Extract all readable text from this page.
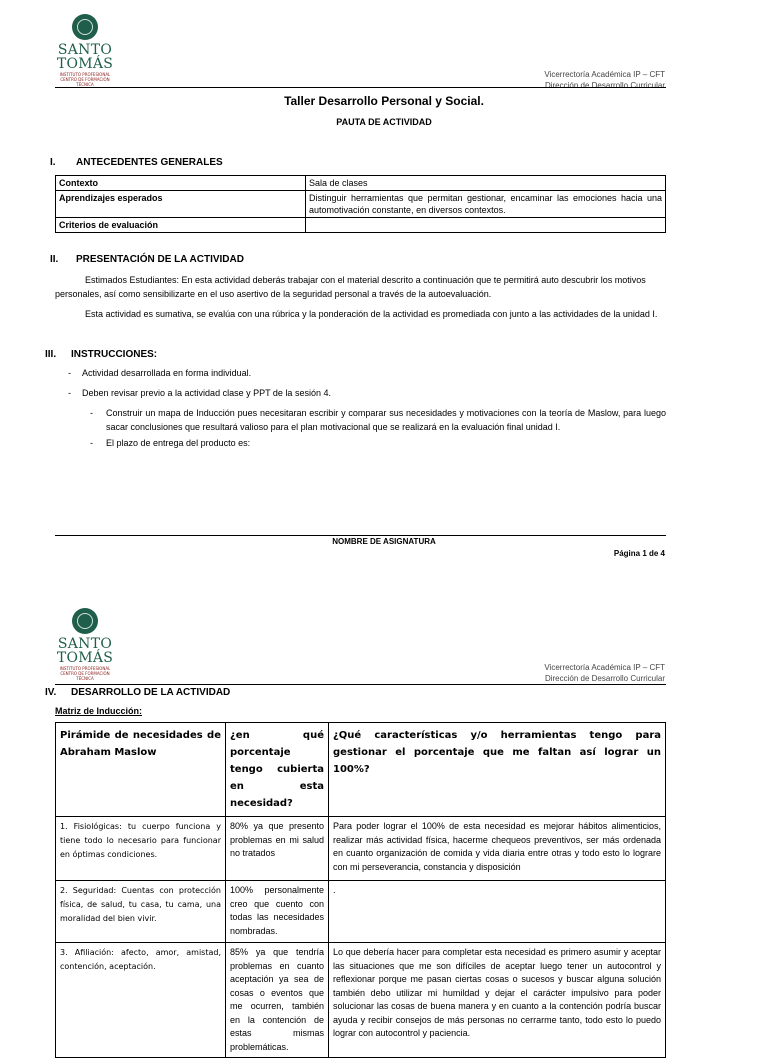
SANTO
TOMÁS
INSTITUTO PROFESIONAL
CENTRO DE FORMACIÓN TÉCNICA
Vicerrectoría Académica IP – CFT
Dirección de Desarrollo Curricular
Taller Desarrollo Personal y Social.
PAUTA DE ACTIVIDAD
I. ANTECEDENTES GENERALES
Contexto	Sala de clases
Aprendizajes esperados	Distinguir herramientas que permitan gestionar, encaminar las emociones hacia una automotivación constante, en diversos contextos.
Criterios de evaluación	
II. PRESENTACIÓN DE LA ACTIVIDAD
Estimados Estudiantes: En esta actividad deberás trabajar con el material descrito a continuación que te permitirá auto descubrir los motivos personales, así como sensibilizarte en el uso asertivo de la seguridad personal a través de la autoevaluación.
Esta actividad es sumativa, se evalúa con una rúbrica y la ponderación de la actividad es promediada con junto a las actividades de la unidad I.
III. INSTRUCCIONES:
- Actividad desarrollada en forma individual.
- Deben revisar previo a la actividad clase y PPT de la sesión 4.
- Construir un mapa de Inducción pues necesitaran escribir y comparar sus necesidades y motivaciones con la teoría de Maslow, para luego sacar conclusiones que resultará valioso para el plan motivacional que se realizará en la evaluación final unidad I.
- El plazo de entrega del producto es:
NOMBRE DE ASIGNATURA
Página 1 de 4
SANTO
TOMÁS
INSTITUTO PROFESIONAL
CENTRO DE FORMACIÓN TÉCNICA
Vicerrectoría Académica IP – CFT
Dirección de Desarrollo Curricular
IV. DESARROLLO DE LA ACTIVIDAD
Matriz de Inducción:
Pirámide de necesidades de Abraham Maslow	¿en qué porcentaje tengo cubierta en esta necesidad?	¿Qué características y/o herramientas tengo para gestionar el porcentaje que me faltan así lograr un 100%?
1. Fisiológicas: tu cuerpo funciona y tiene todo lo necesario para funcionar en óptimas condiciones.	80% ya que presento problemas en mi salud no tratados	Para poder lograr el 100% de esta necesidad es mejorar hábitos alimenticios, realizar más actividad física, hacerme chequeos preventivos, ser más ordenada en cuanto organización de comida y vida diaria entre otras y todo esto lo lograre con mi perseverancia, constancia y disposición
2. Seguridad: Cuentas con protección física, de salud, tu casa, tu cama, una moralidad del bien vivir.	100% personalmente creo que cuento con todas las necesidades nombradas.	.
3. Afiliación: afecto, amor, amistad, contención, aceptación.	85% ya que tendría problemas en cuanto aceptación ya sea de cosas o eventos que me ocurren, también en la contención de estas mismas problemáticas.	Lo que debería hacer para completar esta necesidad es primero asumir y aceptar las situaciones que me son difíciles de aceptar luego tener un autocontrol y reflexionar porque me pasan ciertas cosas o sucesos y buscar alguna solución también debo utilizar mi humildad y dejar el carácter impulsivo para poder solucionar las cosas de buena manera y en cuanto a la contención podría buscar ayuda y recibir consejos de más personas no cerrarme tanto, todo esto lo puedo lograr con autocontrol y paciencia.
